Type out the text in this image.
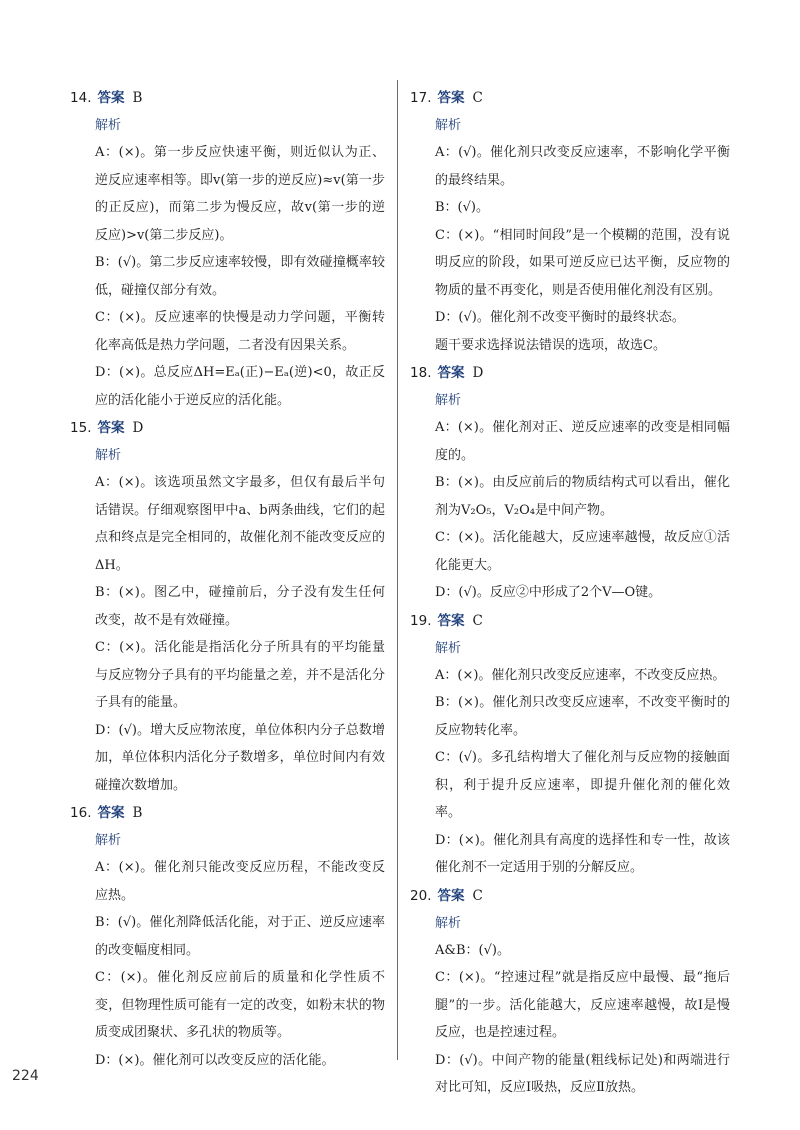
14. 答案 B
解析
A：(×)。第一步反应快速平衡，则近似认为正、逆反应速率相等。即v(第一步的逆反应)≈v(第一步的正反应)，而第二步为慢反应，故v(第一步的逆反应)>v(第二步反应)。
B：(√)。第二步反应速率较慢，即有效碰撞概率较低，碰撞仅部分有效。
C：(×)。反应速率的快慢是动力学问题，平衡转化率高低是热力学问题，二者没有因果关系。
D：(×)。总反应ΔH=Eₐ(正)−Eₐ(逆)<0，故正反应的活化能小于逆反应的活化能。
15. 答案 D
解析
A：(×)。该选项虽然文字最多，但仅有最后半句话错误。仔细观察图甲中a、b两条曲线，它们的起点和终点是完全相同的，故催化剂不能改变反应的ΔH。
B：(×)。图乙中，碰撞前后，分子没有发生任何改变，故不是有效碰撞。
C：(×)。活化能是指活化分子所具有的平均能量与反应物分子具有的平均能量之差，并不是活化分子具有的能量。
D：(√)。增大反应物浓度，单位体积内分子总数增加，单位体积内活化分子数增多，单位时间内有效碰撞次数增加。
16. 答案 B
解析
A：(×)。催化剂只能改变反应历程，不能改变反应热。
B：(√)。催化剂降低活化能，对于正、逆反应速率的改变幅度相同。
C：(×)。催化剂反应前后的质量和化学性质不变，但物理性质可能有一定的改变，如粉末状的物质变成团聚状、多孔状的物质等。
D：(×)。催化剂可以改变反应的活化能。
17. 答案 C
解析
A：(√)。催化剂只改变反应速率，不影响化学平衡的最终结果。
B：(√)。
C：(×)。“相同时间段”是一个模糊的范围，没有说明反应的阶段，如果可逆反应已达平衡，反应物的物质的量不再变化，则是否使用催化剂没有区别。
D：(√)。催化剂不改变平衡时的最终状态。
题干要求选择说法错误的选项，故选C。
18. 答案 D
解析
A：(×)。催化剂对正、逆反应速率的改变是相同幅度的。
B：(×)。由反应前后的物质结构式可以看出，催化剂为V₂O₅，V₂O₄是中间产物。
C：(×)。活化能越大，反应速率越慢，故反应①活化能更大。
D：(√)。反应②中形成了2个V—O键。
19. 答案 C
解析
A：(×)。催化剂只改变反应速率，不改变反应热。
B：(×)。催化剂只改变反应速率，不改变平衡时的反应物转化率。
C：(√)。多孔结构增大了催化剂与反应物的接触面积，利于提升反应速率，即提升催化剂的催化效率。
D：(×)。催化剂具有高度的选择性和专一性，故该催化剂不一定适用于别的分解反应。
20. 答案 C
解析
A&B：(√)。
C：(×)。“控速过程”就是指反应中最慢、最“拖后腿”的一步。活化能越大，反应速率越慢，故Ⅰ是慢反应，也是控速过程。
D：(√)。中间产物的能量(粗线标记处)和两端进行对比可知，反应Ⅰ吸热，反应Ⅱ放热。
224
